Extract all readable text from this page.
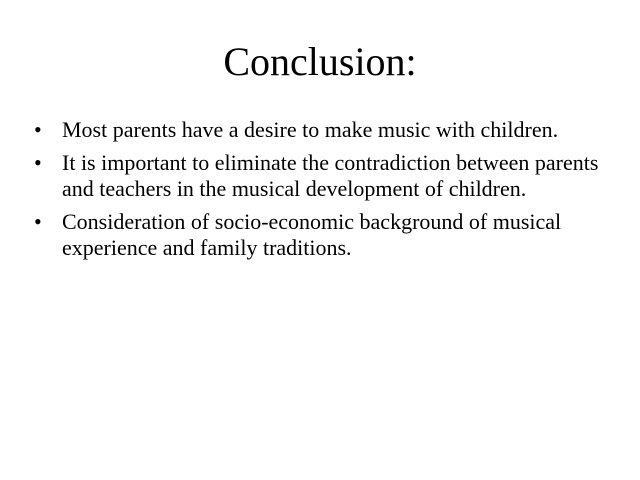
Conclusion:
• Most parents have a desire to make music with children.
• It is important to eliminate the contradiction between parents and teachers in the musical development of children.
• Consideration of socio-economic background of musical experience and family traditions.
